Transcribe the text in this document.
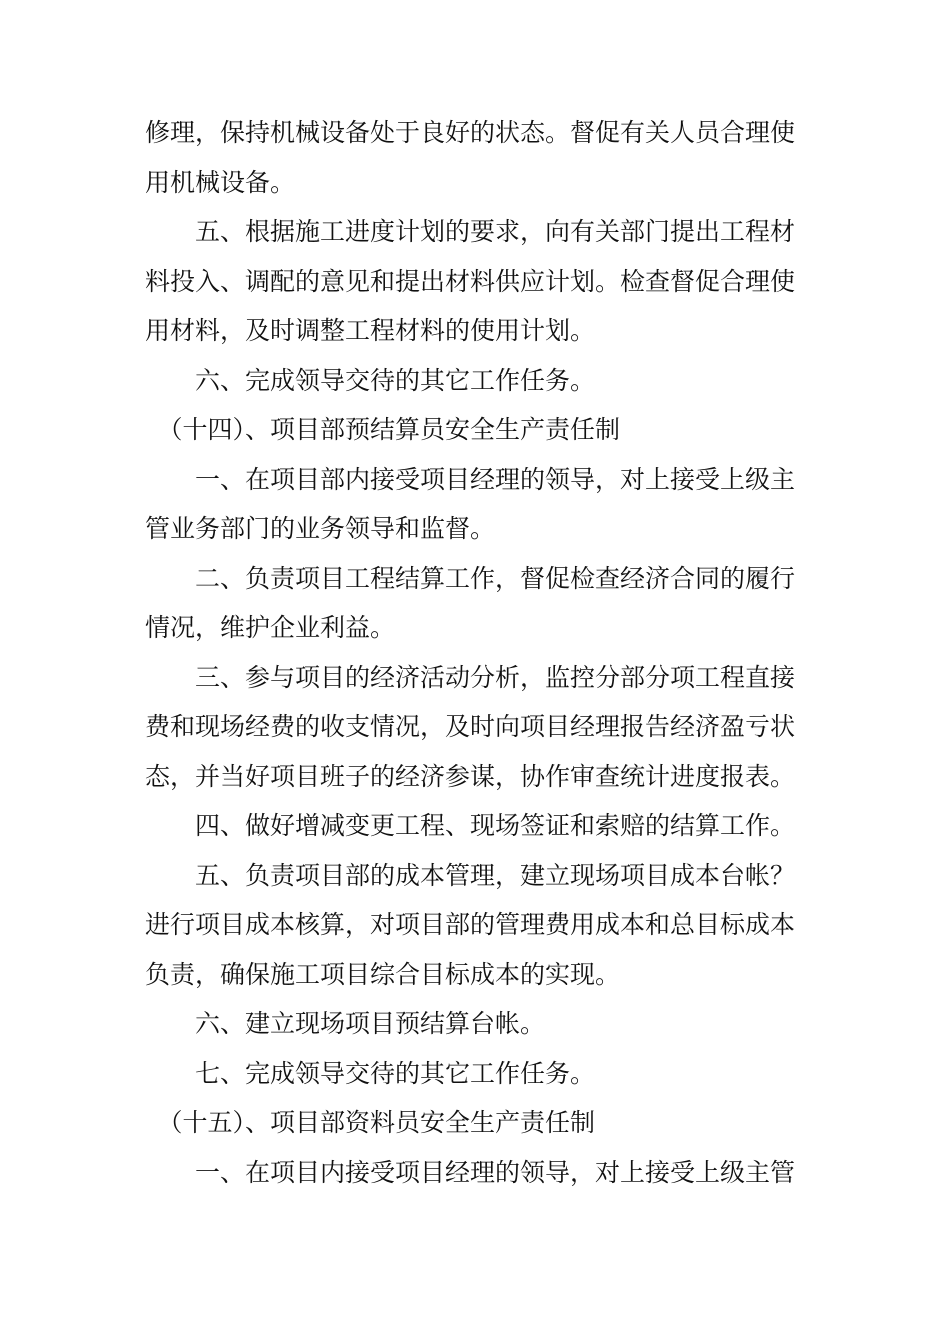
修理，保持机械设备处于良好的状态。督促有关人员合理使

用机械设备。

　　五、根据施工进度计划的要求，向有关部门提出工程材

料投入、调配的意见和提出材料供应计划。检查督促合理使

用材料，及时调整工程材料的使用计划。

　　六、完成领导交待的其它工作任务。

　（十四）、项目部预结算员安全生产责任制

　　一、在项目部内接受项目经理的领导，对上接受上级主

管业务部门的业务领导和监督。

　　二、负责项目工程结算工作，督促检查经济合同的履行

情况，维护企业利益。

　　三、参与项目的经济活动分析，监控分部分项工程直接

费和现场经费的收支情况，及时向项目经理报告经济盈亏状

态，并当好项目班子的经济参谋，协作审查统计进度报表。

　　四、做好增减变更工程、现场签证和索赔的结算工作。

　　五、负责项目部的成本管理，建立现场项目成本台帐？

进行项目成本核算，对项目部的管理费用成本和总目标成本

负责，确保施工项目综合目标成本的实现。

　　六、建立现场项目预结算台帐。

　　七、完成领导交待的其它工作任务。

　（十五）、项目部资料员安全生产责任制

　　一、在项目内接受项目经理的领导，对上接受上级主管
